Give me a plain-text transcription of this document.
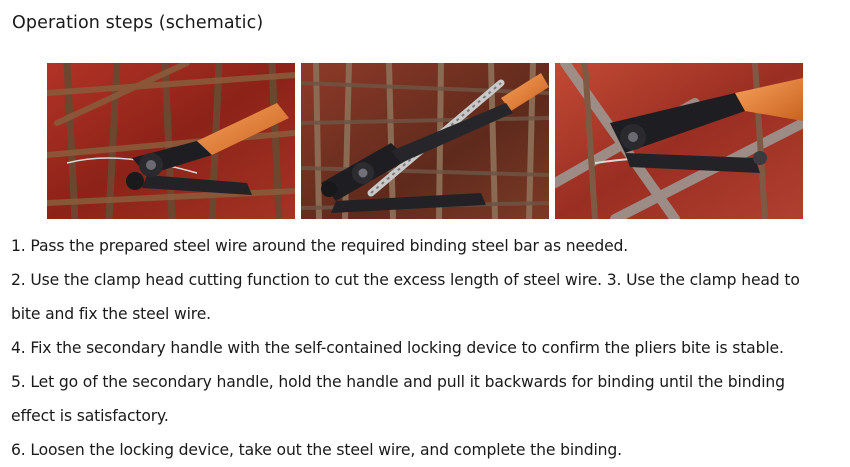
Operation steps (schematic)
1. Pass the prepared steel wire around the required binding steel bar as needed.
2. Use the clamp head cutting function to cut the excess length of steel wire. 3. Use the clamp head to
bite and fix the steel wire.
4. Fix the secondary handle with the self-contained locking device to confirm the pliers bite is stable.
5. Let go of the secondary handle, hold the handle and pull it backwards for binding until the binding
effect is satisfactory.
6. Loosen the locking device, take out the steel wire, and complete the binding.
